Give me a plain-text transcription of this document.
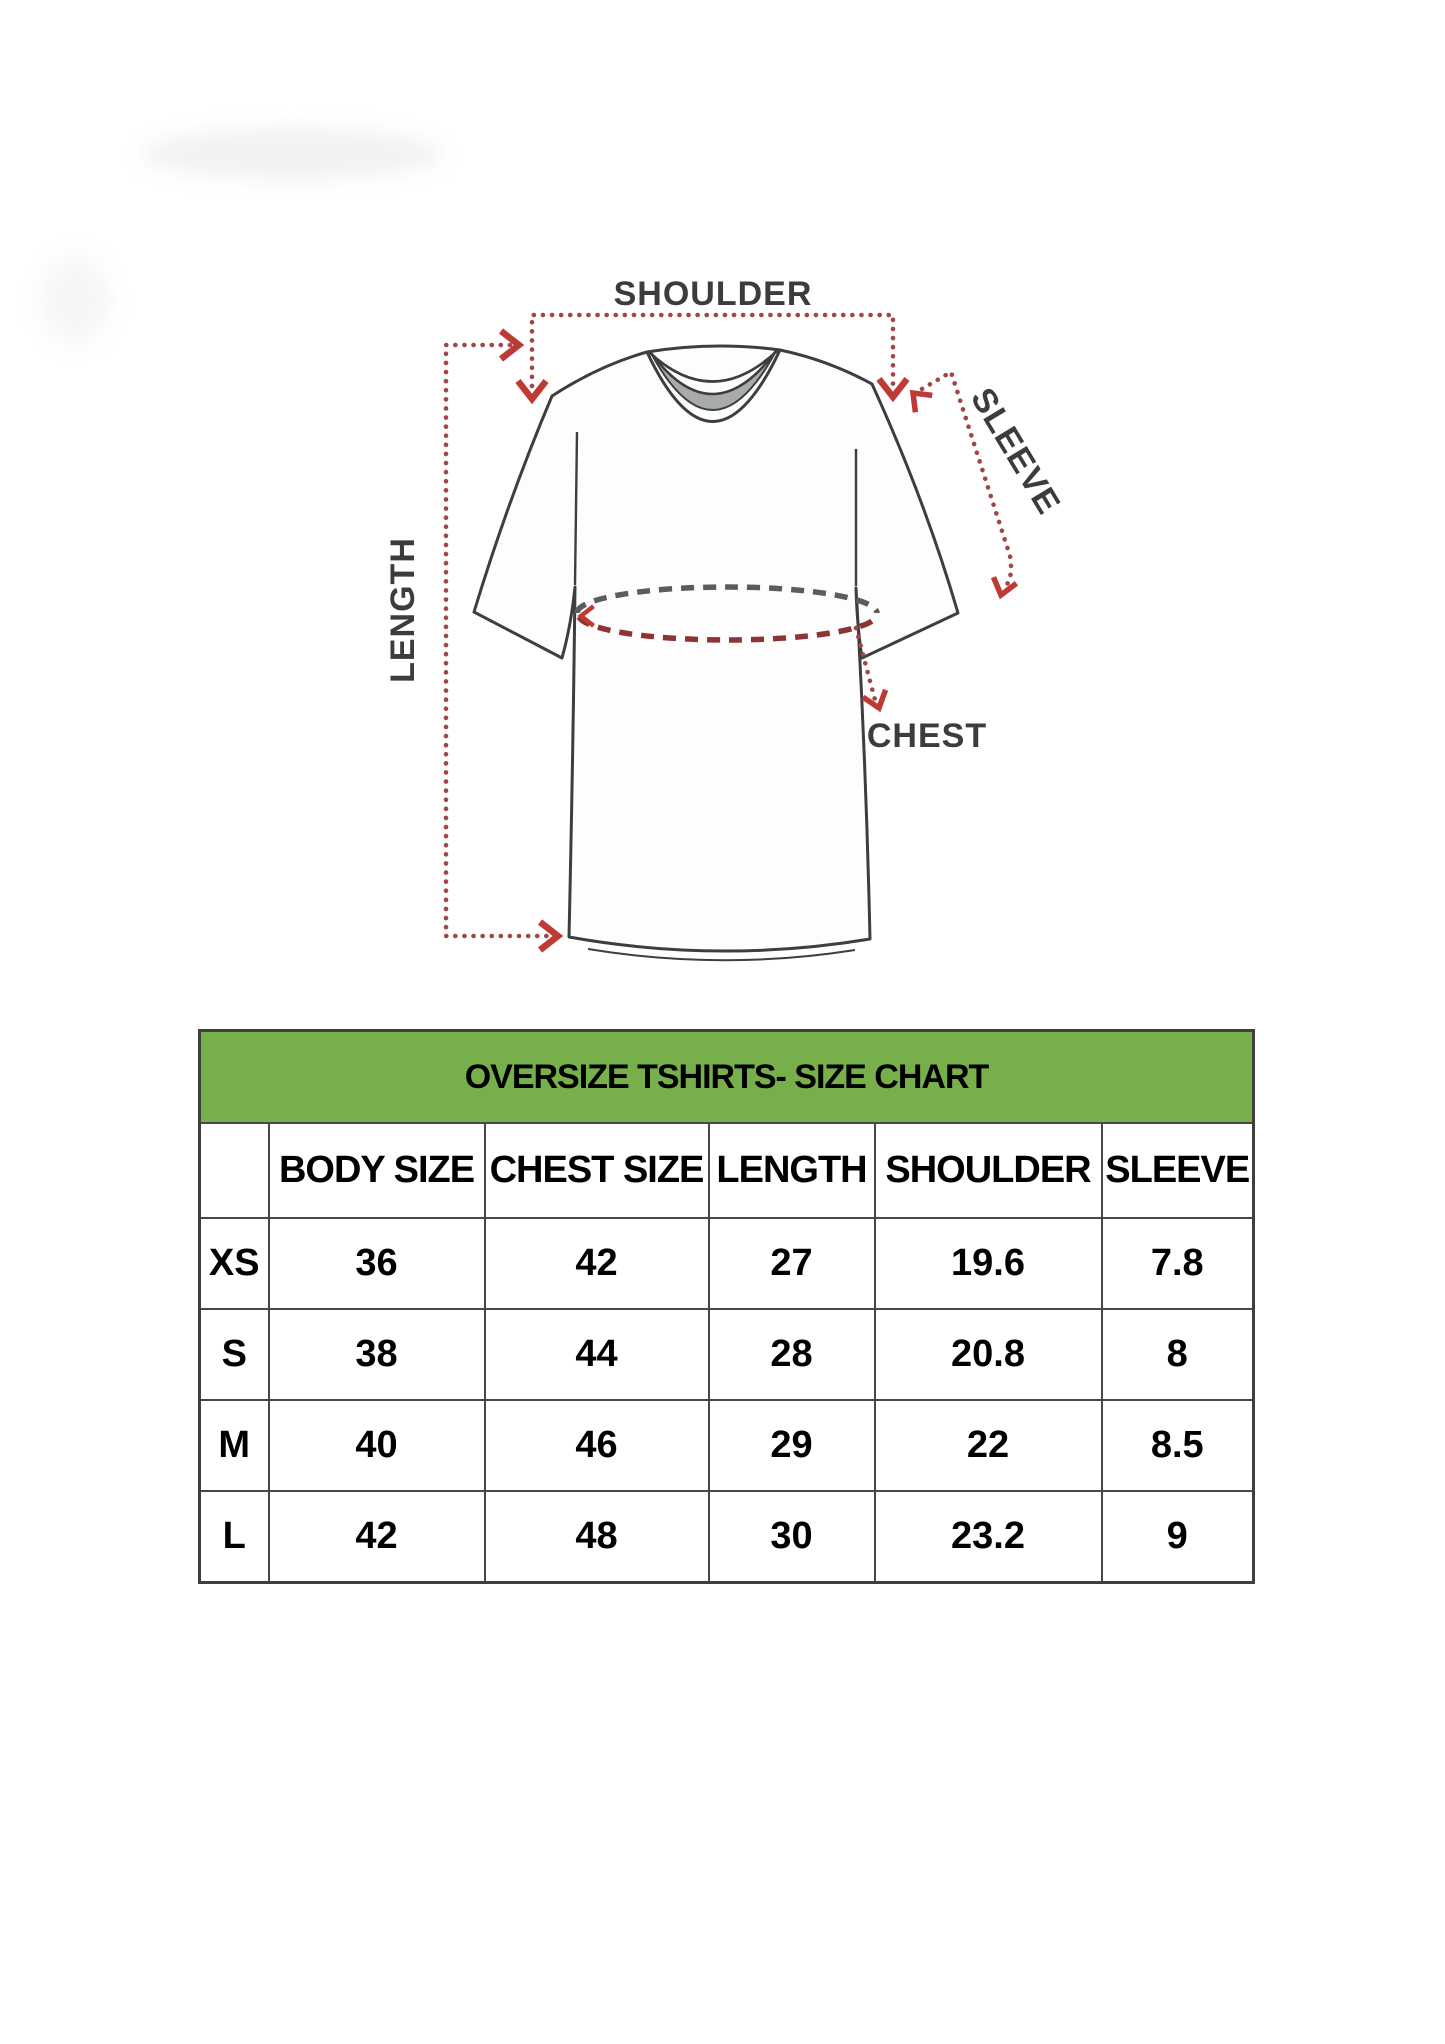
SHOULDER
LENGTH
SLEEVE
CHEST
OVERSIZE TSHIRTS- SIZE CHART					
	BODY SIZE	CHEST SIZE	LENGTH	SHOULDER	SLEEVE
XS	36	42	27	19.6	7.8
S	38	44	28	20.8	8
M	40	46	29	22	8.5
L	42	48	30	23.2	9
